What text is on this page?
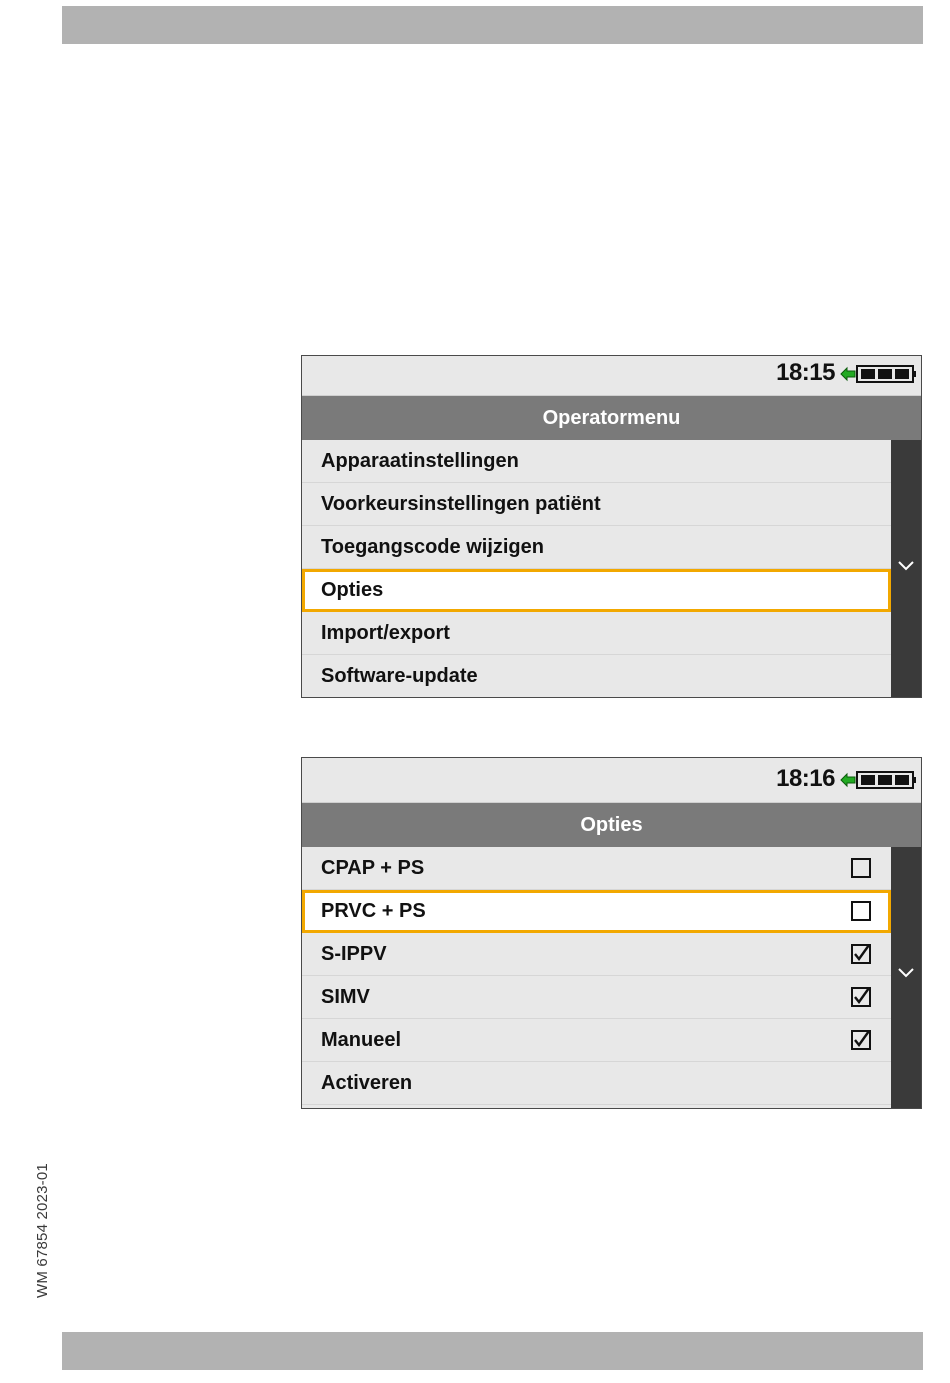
18:15
Operatormenu
Apparaatinstellingen
Voorkeursinstellingen patiënt
Toegangscode wijzigen
Opties
Import/export
Software-update
18:16
Opties
CPAP + PS
PRVC + PS
S-IPPV
SIMV
Manueel
Activeren
WM 67854 2023-01
